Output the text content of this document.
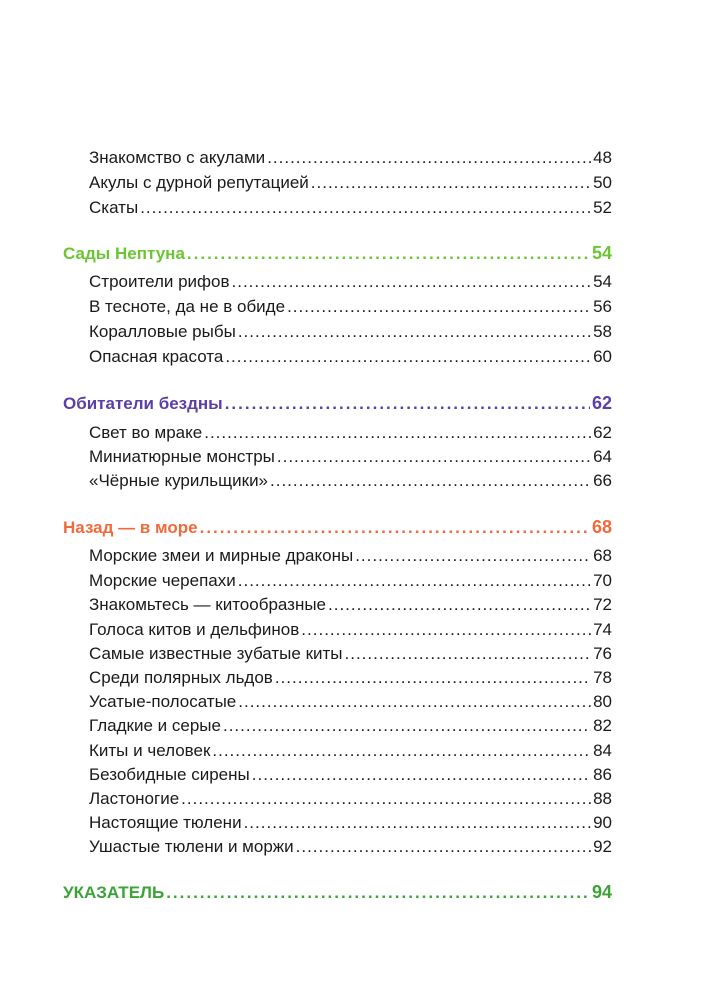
Знакомство с акулами .....	48
Акулы с дурной репутацией .....	50
Скаты .....	52
Сады Нептуна .....	54
Строители рифов .....	54
В тесноте, да не в обиде .....	56
Коралловые рыбы .....	58
Опасная красота .....	60
Обитатели бездны .....	62
Свет во мраке .....	62
Миниатюрные монстры .....	64
«Чёрные курильщики» .....	66
Назад — в море .....	68
Морские змеи и мирные драконы .....	68
Морские черепахи .....	70
Знакомьтесь — китообразные .....	72
Голоса китов и дельфинов .....	74
Самые известные зубатые киты .....	76
Среди полярных льдов .....	78
Усатые-полосатые .....	80
Гладкие и серые .....	82
Киты и человек .....	84
Безобидные сирены .....	86
Ластоногие .....	88
Настоящие тюлени .....	90
Ушастые тюлени и моржи .....	92
УКАЗАТЕЛЬ .....	94
